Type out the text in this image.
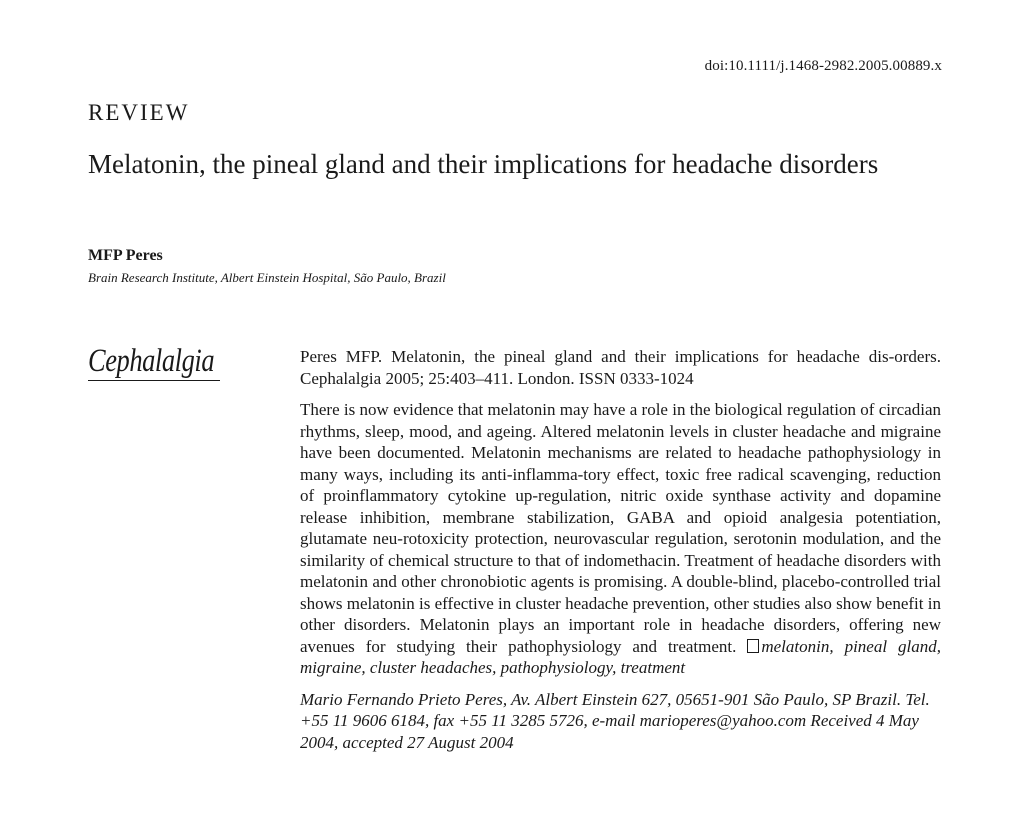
doi:10.1111/j.1468-2982.2005.00889.x
REVIEW
Melatonin, the pineal gland and their implications for headache disorders
MFP Peres
Brain Research Institute, Albert Einstein Hospital, São Paulo, Brazil
Cephalalgia	Peres MFP. Melatonin, the pineal gland and their implications for headache dis-orders. Cephalalgia 2005; 25:403–411. London. ISSN 0333-1024

There is now evidence that melatonin may have a role in the biological regulation of circadian rhythms, sleep, mood, and ageing. Altered melatonin levels in cluster headache and migraine have been documented. Melatonin mechanisms are related to headache pathophysiology in many ways, including its anti-inflamma-tory effect, toxic free radical scavenging, reduction of proinflammatory cytokine up-regulation, nitric oxide synthase activity and dopamine release inhibition, membrane stabilization, GABA and opioid analgesia potentiation, glutamate neu-rotoxicity protection, neurovascular regulation, serotonin modulation, and the similarity of chemical structure to that of indomethacin. Treatment of headache disorders with melatonin and other chronobiotic agents is promising. A double-blind, placebo-controlled trial shows melatonin is effective in cluster headache prevention, other studies also show benefit in other disorders. Melatonin plays an important role in headache disorders, offering new avenues for studying their pathophysiology and treatment. melatonin, pineal gland, migraine, cluster headaches, pathophysiology, treatment

Mario Fernando Prieto Peres, Av. Albert Einstein 627, 05651-901 São Paulo, SP Brazil. Tel. +55 11 9606 6184, fax +55 11 3285 5726, e-mail marioperes@yahoo.com Received 4 May 2004, accepted 27 August 2004
